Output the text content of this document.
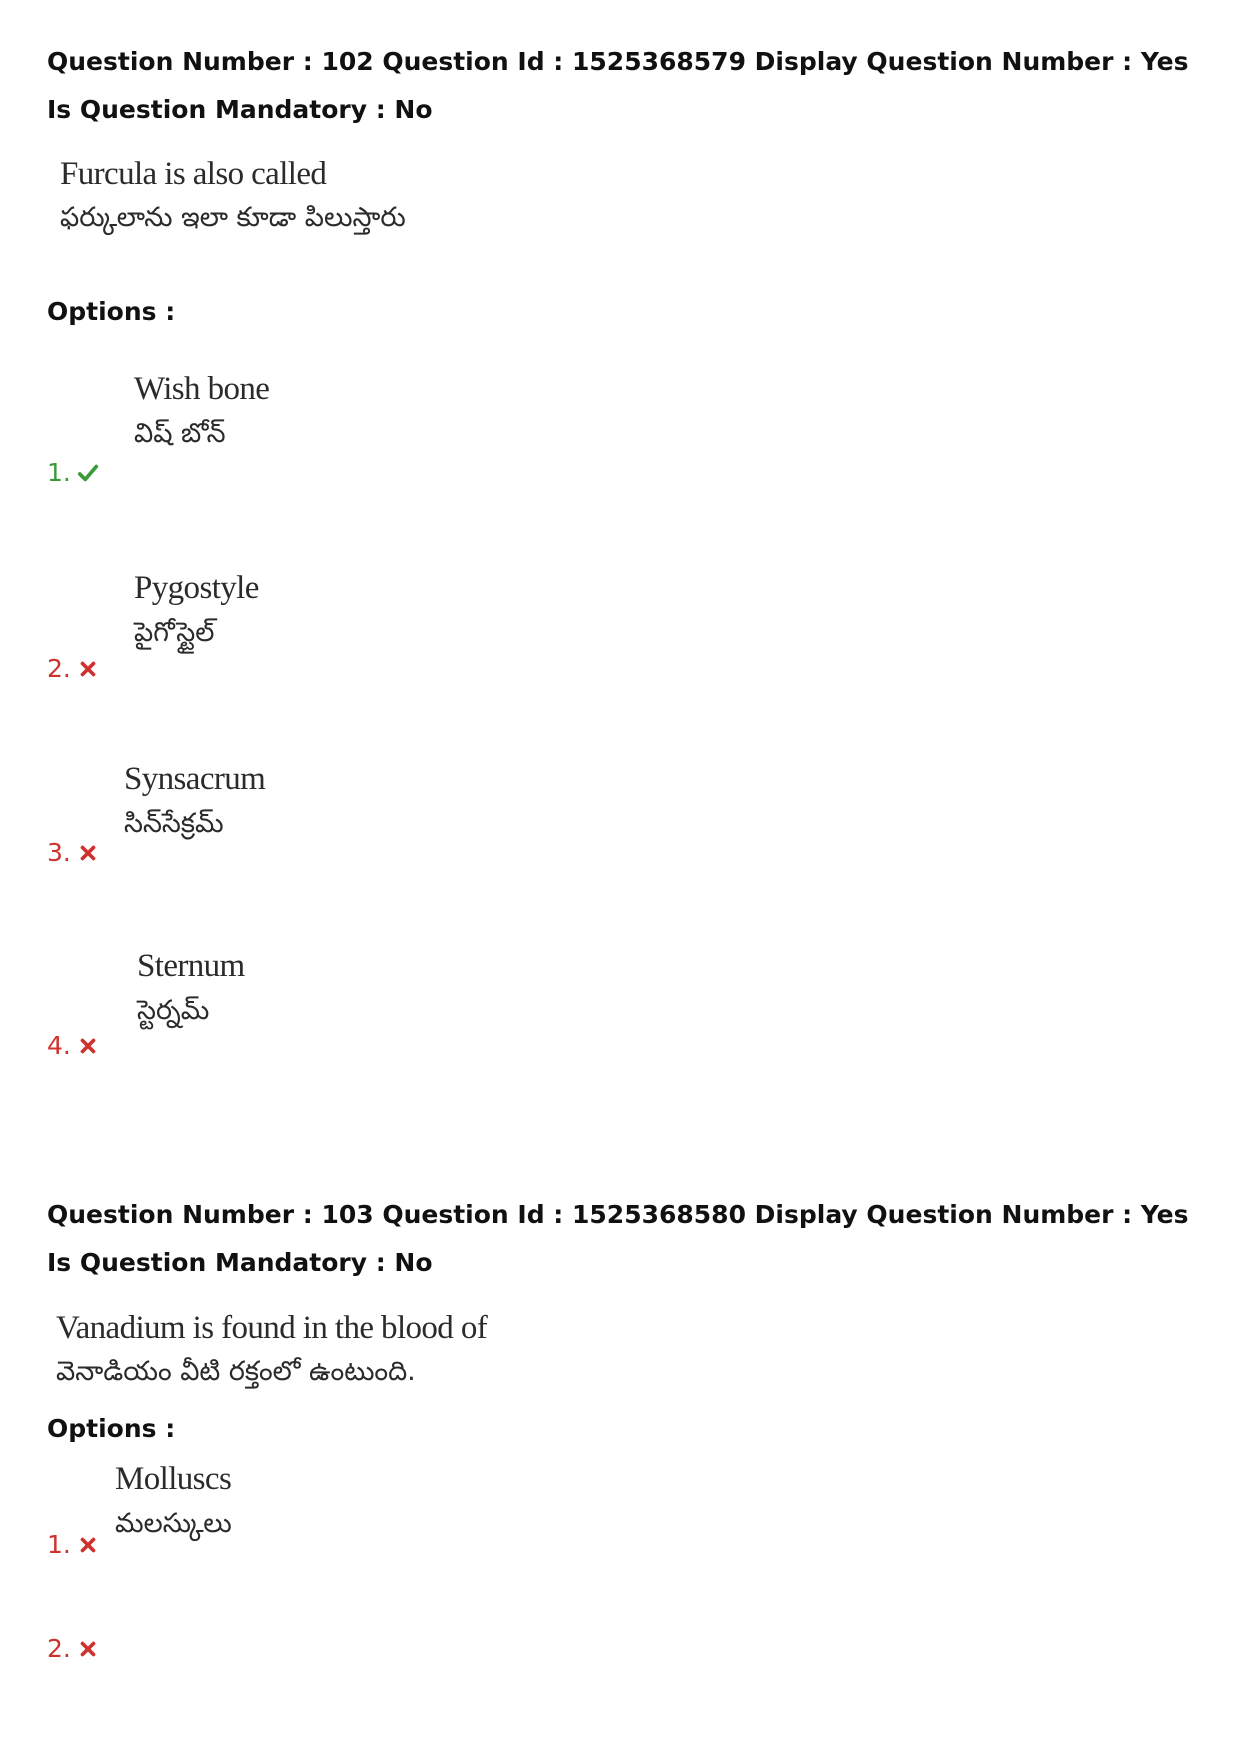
Question Number : 102 Question Id : 1525368579 Display Question Number : Yes Is Question Mandatory : No
Furcula is also called
ఫర్కులాను ఇలా కూడా పిలుస్తారు
Options :
Wish bone
విష్ బోన్
1.
Pygostyle
పైగోస్టైల్
2.
Synsacrum
సిన్‌సేక్రమ్
3.
Sternum
స్టెర్నమ్
4.
Question Number : 103 Question Id : 1525368580 Display Question Number : Yes Is Question Mandatory : No
Vanadium is found in the blood of
వెనాడియం వీటి రక్తంలో ఉంటుంది.
Options :
Molluscs
మలస్కులు
1.
2.
